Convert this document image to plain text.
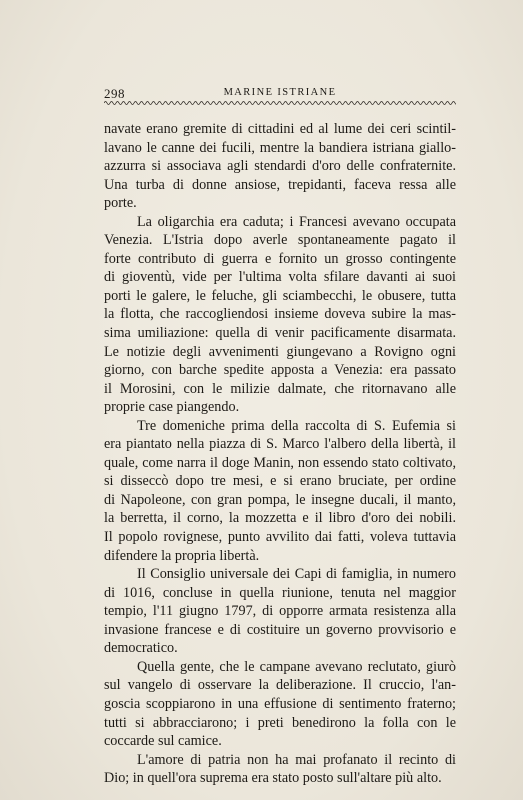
298	MARINE ISTRIANE
navate erano gremite di cittadini ed al lume dei ceri scintil-
lavano le canne dei fucili, mentre la bandiera istriana giallo-
azzurra si associava agli stendardi d'oro delle confraternite.
Una turba di donne ansiose, trepidanti, faceva ressa alle
porte.
La oligarchia era caduta; i Francesi avevano occupata
Venezia. L'Istria dopo averle spontaneamente pagato il
forte contributo di guerra e fornito un grosso contingente
di gioventù, vide per l'ultima volta sfilare davanti ai suoi
porti le galere, le feluche, gli sciambecchi, le obusere, tutta
la flotta, che raccogliendosi insieme doveva subire la mas-
sima umiliazione: quella di venir pacificamente disarmata.
Le notizie degli avvenimenti giungevano a Rovigno ogni
giorno, con barche spedite apposta a Venezia: era passato
il Morosini, con le milizie dalmate, che ritornavano alle
proprie case piangendo.
Tre domeniche prima della raccolta di S. Eufemia si
era piantato nella piazza di S. Marco l'albero della libertà, il
quale, come narra il doge Manin, non essendo stato coltivato,
si disseccò dopo tre mesi, e si erano bruciate, per ordine
di Napoleone, con gran pompa, le insegne ducali, il manto,
la berretta, il corno, la mozzetta e il libro d'oro dei nobili.
Il popolo rovignese, punto avvilito dai fatti, voleva tuttavia
difendere la propria libertà.
Il Consiglio universale dei Capi di famiglia, in numero
di 1016, concluse in quella riunione, tenuta nel maggior
tempio, l'11 giugno 1797, di opporre armata resistenza alla
invasione francese e di costituire un governo provvisorio e
democratico.
Quella gente, che le campane avevano reclutato, giurò
sul vangelo di osservare la deliberazione. Il cruccio, l'an-
goscia scoppiarono in una effusione di sentimento fraterno;
tutti si abbracciarono; i preti benedirono la folla con le
coccarde sul camice.
L'amore di patria non ha mai profanato il recinto di
Dio; in quell'ora suprema era stato posto sull'altare più alto.
